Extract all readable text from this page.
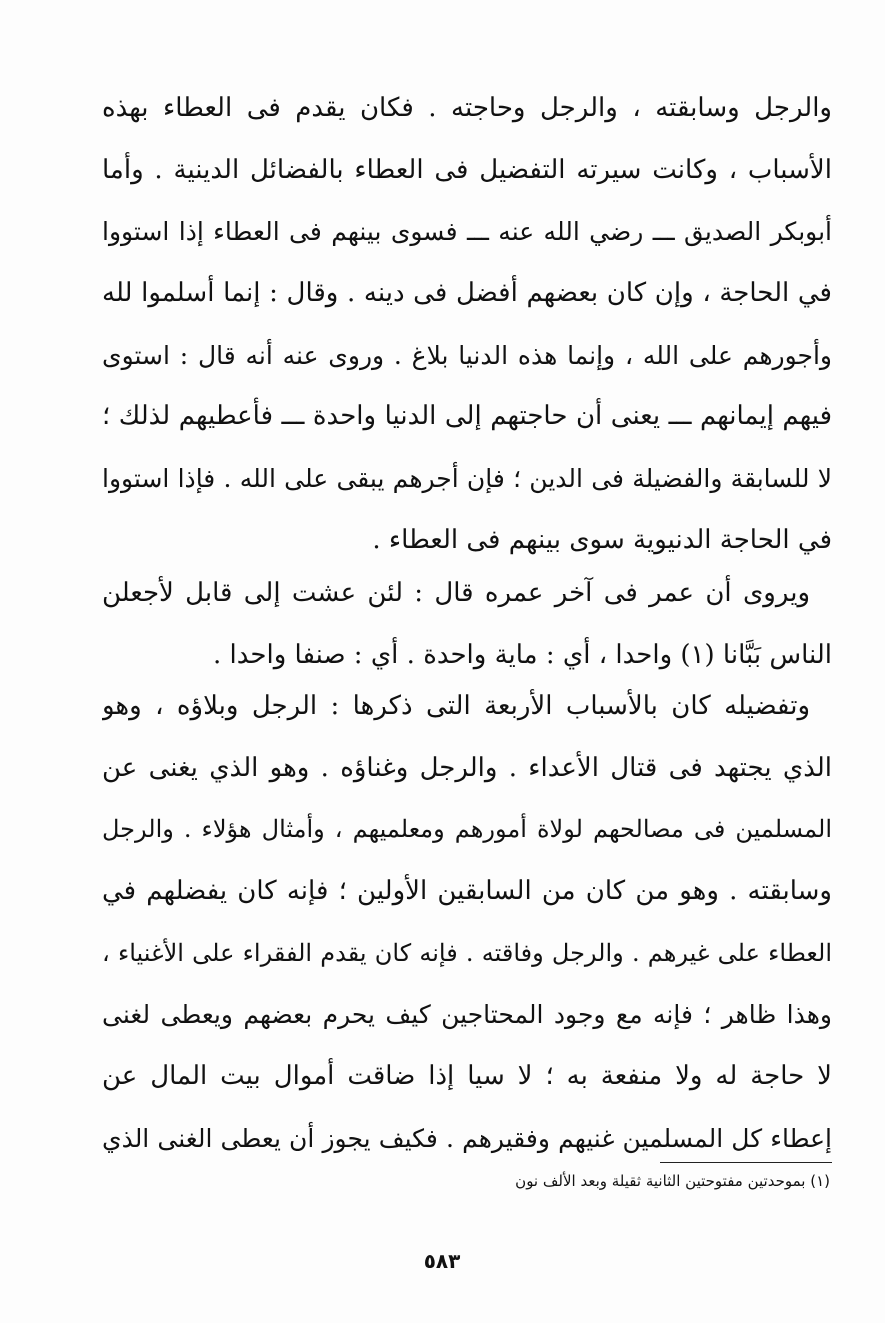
والرجل وسابقته ، والرجل وحاجته . فكان يقدم فى العطاء بهذه
الأسباب ، وكانت سيرته التفضيل فى العطاء بالفضائل الدينية . وأما
أبوبكر الصديق ـــ رضي الله عنه ـــ فسوى بينهم فى العطاء إذا استووا
في الحاجة ، وإن كان بعضهم أفضل فى دينه . وقال : إنما أسلموا لله
وأجورهم على الله ، وإنما هذه الدنيا بلاغ . وروى عنه أنه قال : استوى
فيهم إيمانهم ـــ يعنى أن حاجتهم إلى الدنيا واحدة ـــ فأعطيهم لذلك ؛
لا للسابقة والفضيلة فى الدين ؛ فإن أجرهم يبقى على الله . فإذا استووا
في الحاجة الدنيوية سوى بينهم فى العطاء .
ويروى أن عمر فى آخر عمره قال : لئن عشت إلى قابل لأجعلن
الناس بَبَّانا (١) واحدا ، أي : ماية واحدة . أي : صنفا واحدا .
وتفضيله كان بالأسباب الأربعة التى ذكرها : الرجل وبلاؤه ، وهو
الذي يجتهد فى قتال الأعداء . والرجل وغناؤه . وهو الذي يغنى عن
المسلمين فى مصالحهم لولاة أمورهم ومعلميهم ، وأمثال هؤلاء . والرجل
وسابقته . وهو من كان من السابقين الأولين ؛ فإنه كان يفضلهم في
العطاء على غيرهم . والرجل وفاقته . فإنه كان يقدم الفقراء على الأغنياء ،
وهذا ظاهر ؛ فإنه مع وجود المحتاجين كيف يحرم بعضهم ويعطى لغنى
لا حاجة له ولا منفعة به ؛ لا سيا إذا ضاقت أموال بيت المال عن
إعطاء كل المسلمين غنيهم وفقيرهم . فكيف يجوز أن يعطى الغنى الذي
(١) بموحدتين مفتوحتين الثانية ثقيلة وبعد الألف نون
٥٨٣
